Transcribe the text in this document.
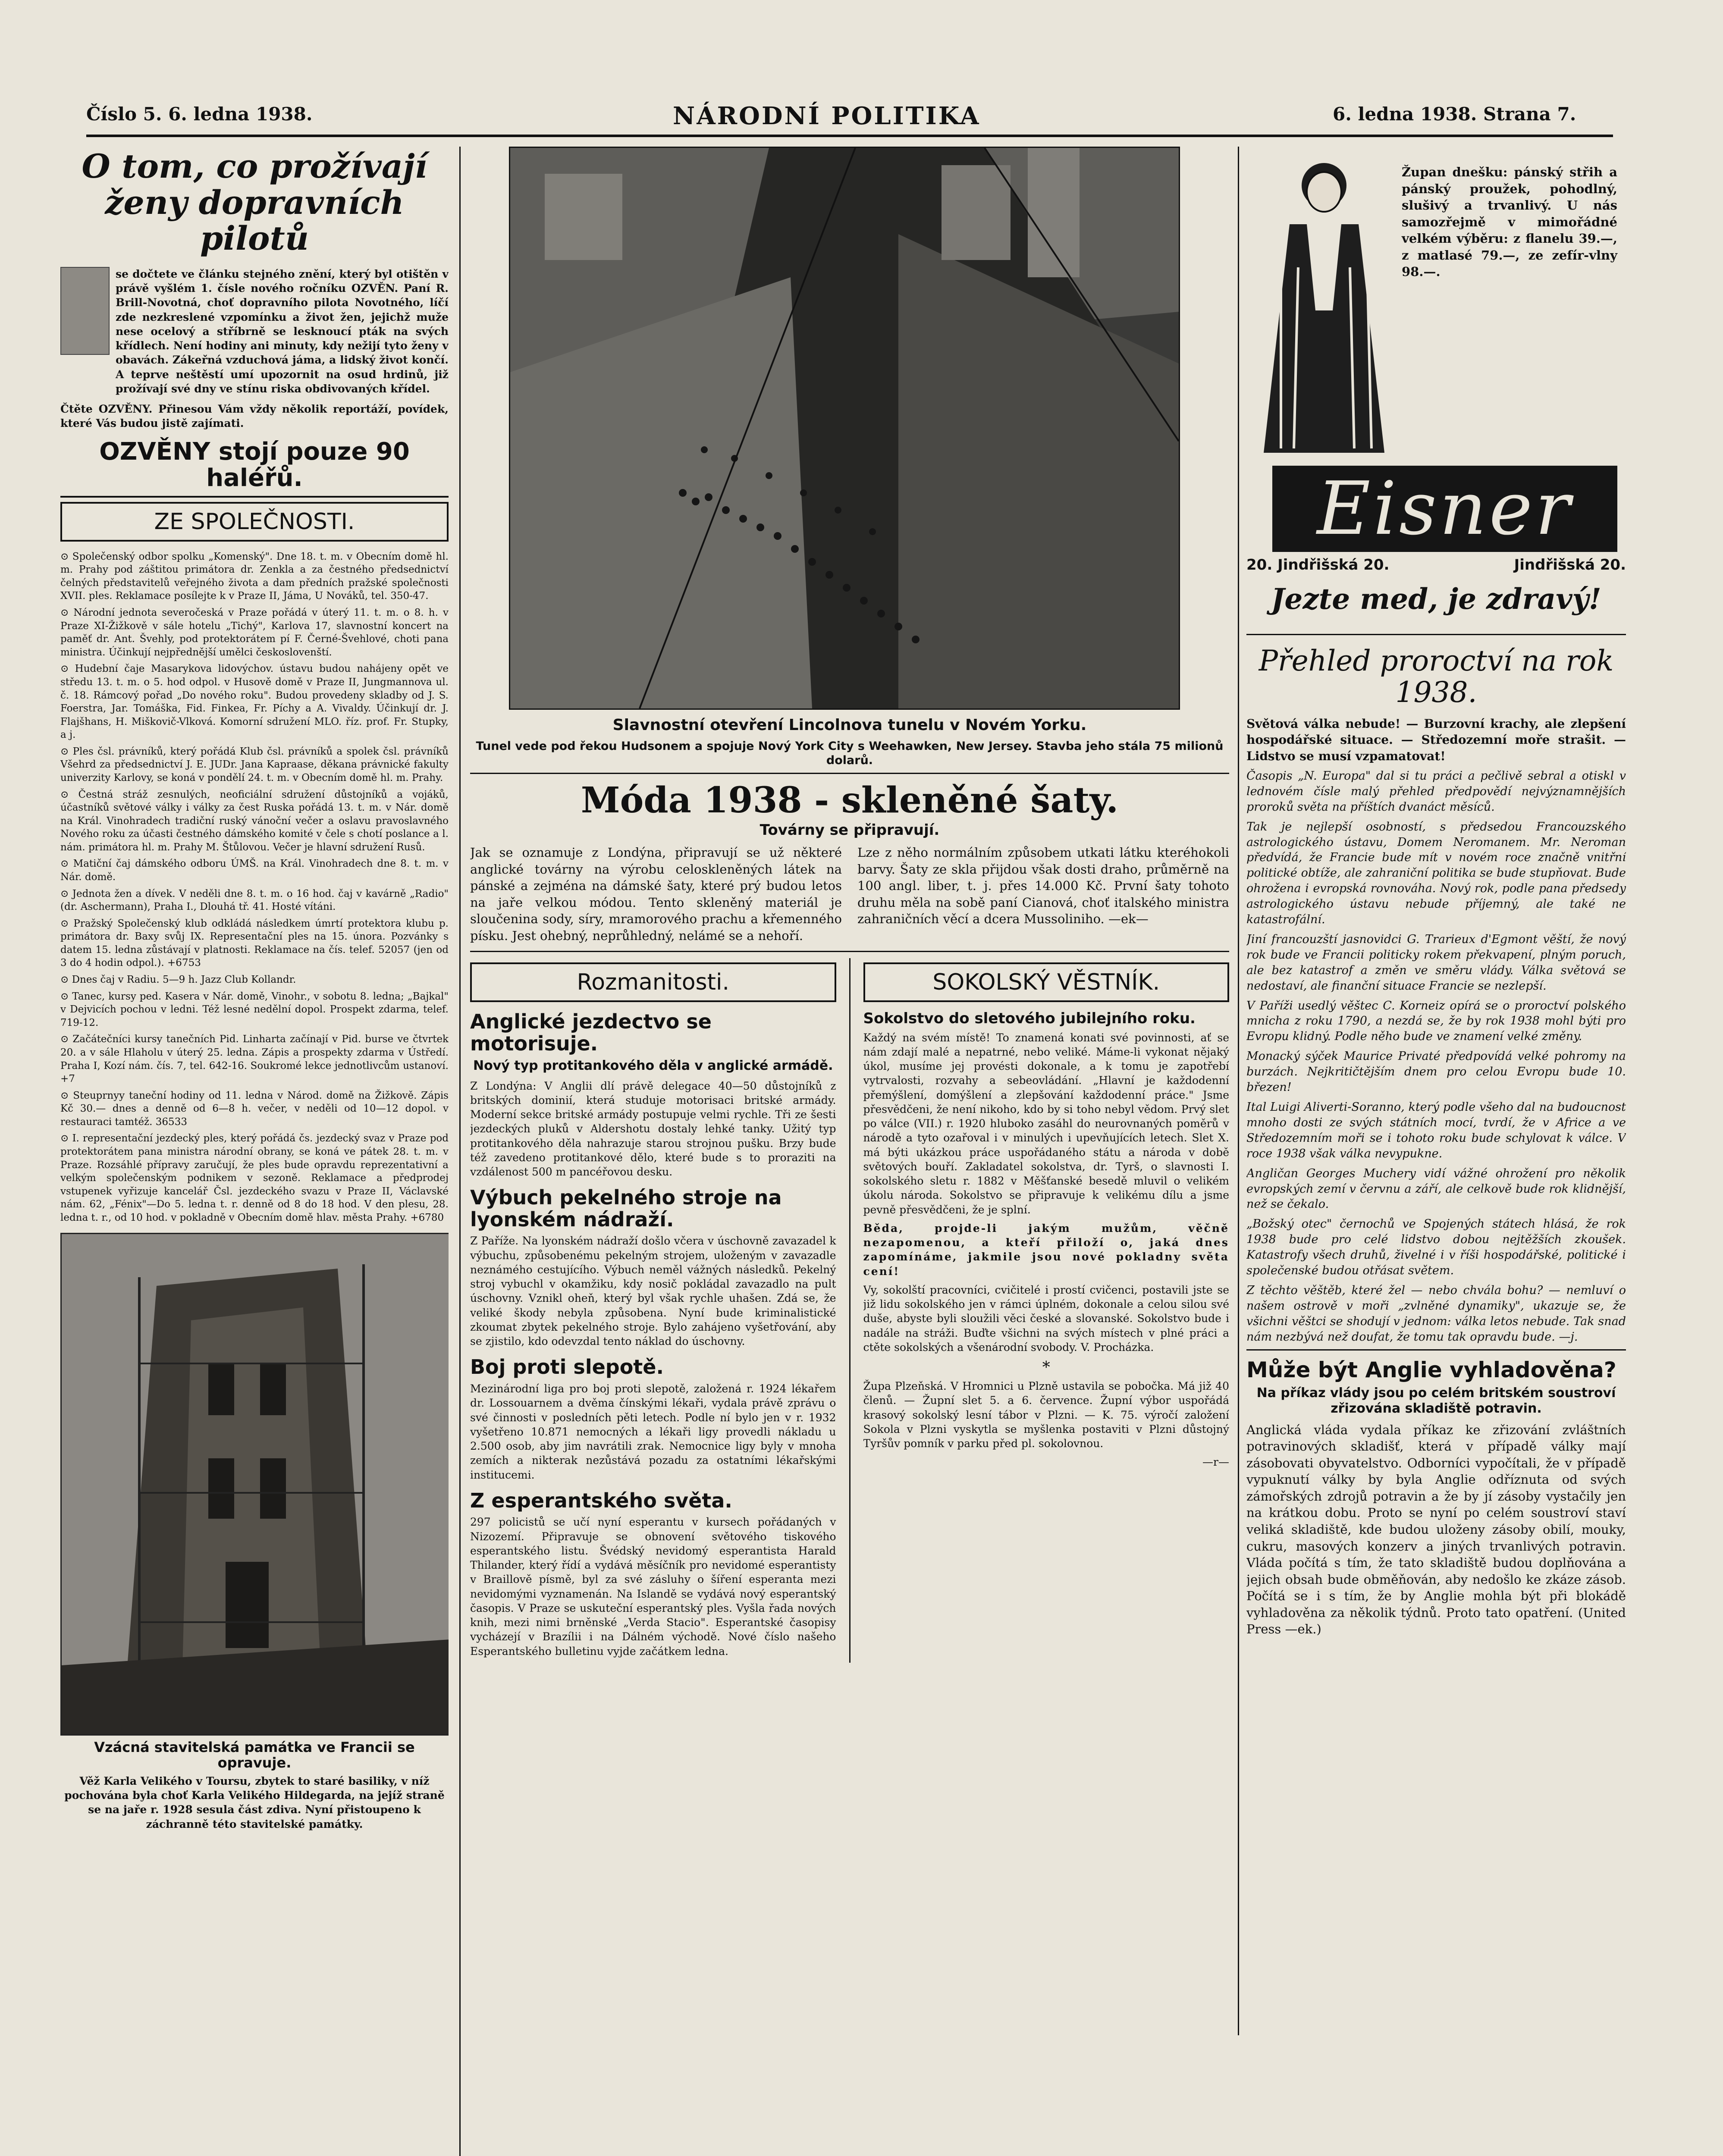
Číslo 5. 6. ledna 1938.	NÁRODNÍ POLITIKA	6. ledna 1938. Strana 7.
O tom, co prožívají ženy dopravních pilotů

se dočtete ve článku stejného znění, který byl otištěn v právě vyšlém 1. čísle nového ročníku OZVĚN. Paní R. Brill-Novotná, choť dopravního pilota Novotného, líčí zde nezkreslené vzpomínku a život žen, jejichž muže nese ocelový a stříbrně se lesknoucí pták na svých křídlech. Není hodiny ani minuty, kdy nežijí tyto ženy v obavách. Zákeřná vzduchová jáma, a lidský život končí. A teprve neštěstí umí upozornit na osud hrdinů, již prožívají své dny ve stínu riska obdivovaných křídel.

Čtěte OZVĚNY. Přinesou Vám vždy několik reportáží, povídek, které Vás budou jistě zajímati.

OZVĚNY stojí pouze 90 haléřů.
ZE SPOLEČNOSTI.

⊙ Společenský odbor spolku „Komenský". Dne 18. t. m. v Obecním domě hl. m. Prahy pod záštitou primátora dr. Zenkla a za čestného předsednictví čelných představitelů veřejného života a dam předních pražské společnosti XVII. ples. Reklamace posílejte k v Praze II, Jáma, U Nováků, tel. 350-47.

⊙ Národní jednota severočeská v Praze pořádá v úterý 11. t. m. o 8. h. v Praze XI-Žižkově v sále hotelu „Tichý", Karlova 17, slavnostní koncert na paměť dr. Ant. Švehly, pod protektorátem pí F. Černé-Švehlové, choti pana ministra. Účinkují nejpřednější umělci českoslovenští.

⊙ Hudební čaje Masarykova lidovýchov. ústavu budou nahájeny opět ve středu 13. t. m. o 5. hod odpol. v Husově domě v Praze II, Jungmannova ul. č. 18. Rámcový pořad „Do nového roku". Budou provedeny skladby od J. S. Foerstra, Jar. Tomáška, Fid. Finkea, Fr. Píchy a A. Vivaldy. Účinkují dr. J. Flajšhans, H. Miškovič-Vlková. Komorní sdružení MLO. říz. prof. Fr. Stupky, a j.

⊙ Ples čsl. právníků, který pořádá Klub čsl. právníků a spolek čsl. právníků Všehrd za předsednictví J. E. JUDr. Jana Kapraase, děkana právnické fakulty univerzity Karlovy, se koná v pondělí 24. t. m. v Obecním domě hl. m. Prahy.

⊙ Čestná stráž zesnulých, neoficiální sdružení důstojníků a vojáků, účastníků světové války i války za čest Ruska pořádá 13. t. m. v Nár. domě na Král. Vinohradech tradiční ruský vánoční večer a oslavu pravoslavného Nového roku za účasti čestného dámského komité v čele s chotí poslance a l. nám. primátora hl. m. Prahy M. Štůlovou. Večer je hlavní sdružení Rusů.

⊙ Matiční čaj dámského odboru ÚMŠ. na Král. Vinohradech dne 8. t. m. v Nár. domě.

⊙ Jednota žen a dívek. V neděli dne 8. t. m. o 16 hod. čaj v kavárně „Radio" (dr. Aschermann), Praha I., Dlouhá tř. 41. Hosté vítáni.

⊙ Pražský Společenský klub odkládá následkem úmrtí protektora klubu p. primátora dr. Baxy svůj IX. Representační ples na 15. února. Pozvánky s datem 15. ledna zůstávají v platnosti. Reklamace na čís. telef. 52057 (jen od 3 do 4 hodin odpol.). +6753

⊙ Dnes čaj v Radiu. 5—9 h. Jazz Club Kollandr.

⊙ Tanec, kursy ped. Kasera v Nár. domě, Vinohr., v sobotu 8. ledna; „Bajkal" v Dejvicích pochou v ledni. Též lesné nedělní dopol. Prospekt zdarma, telef. 719-12.

⊙ Začátečníci kursy tanečních Pid. Linharta začínají v Pid. burse ve čtvrtek 20. a v sále Hlaholu v úterý 25. ledna. Zápis a prospekty zdarma v Ústředí. Praha I, Kozí nám. čís. 7, tel. 642-16. Soukromé lekce jednotlivcům ustanoví. +7

⊙ Steuprnyy taneční hodiny od 11. ledna v Národ. domě na Žižkově. Zápis Kč 30.— dnes a denně od 6—8 h. večer, v neděli od 10—12 dopol. v restauraci tamtéž. 36533

⊙ I. representační jezdecký ples, který pořádá čs. jezdecký svaz v Praze pod protektorátem pana ministra národní obrany, se koná ve pátek 28. t. m. v Praze. Rozsáhlé přípravy zaručují, že ples bude opravdu reprezentativní a velkým společenským podnikem v sezoně. Reklamace a předprodej vstupenek vyřizuje kancelář Čsl. jezdeckého svazu v Praze II, Václavské nám. 62, „Fénix"—Do 5. ledna t. r. denně od 8 do 18 hod. V den plesu, 28. ledna t. r., od 10 hod. v pokladně v Obecním domě hlav. města Prahy. +6780

Vzácná stavitelská památka ve Francii se opravuje.

Věž Karla Velikého v Toursu, zbytek to staré basiliky, v níž pochována byla choť Karla Velikého Hildegarda, na jejíž straně se na jaře r. 1928 sesula část zdiva. Nyní přistoupeno k záchranně této stavitelské památky.

Slavnostní otevření Lincolnova tunelu v Novém Yorku.
Tunel vede pod řekou Hudsonem a spojuje Nový York City s Weehawken, New Jersey. Stavba jeho stála 75 milionů dolarů.
Móda 1938 - skleněné šaty.
Továrny se připravují.

Jak se oznamuje z Londýna, připravují se už některé anglické továrny na výrobu celoskleněných látek na pánské a zejména na dámské šaty, které prý budou letos na jaře velkou módou. Tento skleněný materiál je sloučenina sody, síry, mramorového prachu a křemenného písku. Jest ohebný, neprůhledný, nelámé se a nehoří.

Lze z něho normálním způsobem utkati látku kteréhokoli barvy. Šaty ze skla přijdou však dosti draho, průměrně na 100 angl. liber, t. j. přes 14.000 Kč. První šaty tohoto druhu měla na sobě paní Cianová, choť italského ministra zahraničních věcí a dcera Mussoliniho. —ek—

Rozmanitosti.
Anglické jezdectvo se motorisuje.
Nový typ protitankového děla v anglické armádě.

Z Londýna: V Anglii dlí právě delegace 40—50 důstojníků z britských dominií, která studuje motorisaci britské armády. Moderní sekce britské armády postupuje velmi rychle. Tři ze šesti jezdeckých pluků v Aldershotu dostaly lehké tanky. Užitý typ protitankového děla nahrazuje starou strojnou pušku. Brzy bude též zavedeno protitankové dělo, které bude s to proraziti na vzdálenost 500 m pancéřovou desku.

Výbuch pekelného stroje na lyonském nádraží.

Z Paříže. Na lyonském nádraží došlo včera v úschovně zavazadel k výbuchu, způsobenému pekelným strojem, uloženým v zavazadle neznámého cestujícího. Výbuch neměl vážných následků. Pekelný stroj vybuchl v okamžiku, kdy nosič pokládal zavazadlo na pult úschovny. Vznikl oheň, který byl však rychle uhašen. Zdá se, že veliké škody nebyla způsobena. Nyní bude kriminalistické zkoumat zbytek pekelného stroje. Bylo zahájeno vyšetřování, aby se zjistilo, kdo odevzdal tento náklad do úschovny.

Boj proti slepotě.

Mezinárodní liga pro boj proti slepotě, založená r. 1924 lékařem dr. Lossouarnem a dvěma čínskými lékaři, vydala právě zprávu o své činnosti v posledních pěti letech. Podle ní bylo jen v r. 1932 vyšetřeno 10.871 nemocných a lékaři ligy provedli nákladu u 2.500 osob, aby jim navrátili zrak. Nemocnice ligy byly v mnoha zemích a nikterak nezůstává pozadu za ostatními lékařskými institucemi.

Z esperantského světa.

297 policistů se učí nyní esperantu v kursech pořádaných v Nizozemí. Připravuje se obnovení světového tiskového esperantského listu. Švédský nevidomý esperantista Harald Thilander, který řídí a vydává měsíčník pro nevidomé esperantisty v Braillově písmě, byl za své zásluhy o šíření esperanta mezi nevidomými vyznamenán. Na Islandě se vydává nový esperantský časopis. V Praze se uskuteční esperantský ples. Vyšla řada nových knih, mezi nimi brněnské „Verda Stacio". Esperantské časopisy vycházejí v Brazílii i na Dálném východě. Nové číslo našeho Esperantského bulletinu vyjde začátkem ledna.

SOKOLSKÝ VĚSTNÍK.
Sokolstvo do sletového jubilejního roku.

Každý na svém místě! To znamená konati své povinnosti, ať se nám zdají malé a nepatrné, nebo veliké. Máme-li vykonat nějaký úkol, musíme jej provésti dokonale, a k tomu je zapotřebí vytrvalosti, rozvahy a sebeovládání. „Hlavní je každodenní přemýšlení, domýšlení a zlepšování každodenní práce." Jsme přesvědčeni, že není nikoho, kdo by si toho nebyl vědom. Prvý slet po válce (VII.) r. 1920 hluboko zasáhl do neurovnaných poměrů v národě a tyto ozařoval i v minulých i upevňujících letech. Slet X. má býti ukázkou práce uspořádaného státu a národa v době světových bouří. Zakladatel sokolstva, dr. Tyrš, o slavnosti I. sokolského sletu r. 1882 v Měšťanské besedě mluvil o velikém úkolu národa. Sokolstvo se připravuje k velikému dílu a jsme pevně přesvědčeni, že je splní.

Běda, projde-li jakým mužům, věčně nezapomenou, a kteří přiloží o, jaká dnes zapomínáme, jakmile jsou nové pokladny světa cení!

Vy, sokolští pracovníci, cvičitelé i prostí cvičenci, postavili jste se již lidu sokolského jen v rámci úplném, dokonale a celou silou své duše, abyste byli sloužili věci české a slovanské. Sokolstvo bude i nadále na stráži. Buďte všichni na svých místech v plné práci a ctěte sokolských a všenárodní svobody. V. Procházka.

*

Župa Plzeňská. V Hromnici u Plzně ustavila se pobočka. Má již 40 členů. — Župní slet 5. a 6. července. Župní výbor uspořádá krasový sokolský lesní tábor v Plzni. — K. 75. výročí založení Sokola v Plzni vyskytla se myšlenka postaviti v Plzni důstojný Tyršův pomník v parku před pl. sokolovnou.

—r—

Župan dnešku: pánský střih a pánský proužek, pohodlný, slušivý a trvanlivý. U nás samozřejmě v mimořádné velkém výběru: z flanelu 39.—, z matlasé 79.—, ze zefír-vlny 98.—.

Eisner
20. Jindřišská 20.	Jindřišská 20.
Jezte med, je zdravý!
Přehled proroctví na rok 1938.

Světová válka nebude! — Burzovní krachy, ale zlepšení hospodářské situace. — Středozemní moře strašit. — Lidstvo se musí vzpamatovat!

Časopis „N. Europa" dal si tu práci a pečlivě sebral a otiskl v lednovém čísle malý přehled předpovědí nejvýznamnějších proroků světa na příštích dvanáct měsíců.

Tak je nejlepší osobností, s předsedou Francouzského astrologického ústavu, Domem Neromanem. Mr. Neroman předvídá, že Francie bude mít v novém roce značně vnitřní politické obtíže, ale zahraniční politika se bude stupňovat. Bude ohrožena i evropská rovnováha. Nový rok, podle pana předsedy astrologického ústavu nebude příjemný, ale také ne katastrofální.

Jiní francouzští jasnovidci G. Trarieux d'Egmont věští, že nový rok bude ve Francii politicky rokem překvapení, plným poruch, ale bez katastrof a změn ve směru vlády. Válka světová se nedostaví, ale finanční situace Francie se nezlepší.

V Paříži usedlý věštec C. Korneiz opírá se o proroctví polského mnicha z roku 1790, a nezdá se, že by rok 1938 mohl býti pro Evropu klidný. Podle něho bude ve znamení velké změny.

Monacký sýček Maurice Privaté předpovídá velké pohromy na burzách. Nejkritičtějším dnem pro celou Evropu bude 10. březen!

Ital Luigi Aliverti-Soranno, který podle všeho dal na budoucnost mnoho dosti ze svých státních mocí, tvrdí, že v Africe a ve Středozemním moři se i tohoto roku bude schylovat k válce. V roce 1938 však válka nevypukne.

Angličan Georges Muchery vidí vážné ohrožení pro několik evropských zemí v červnu a září, ale celkově bude rok klidnější, než se čekalo.

„Božský otec" černochů ve Spojených státech hlásá, že rok 1938 bude pro celé lidstvo dobou nejtěžších zkoušek. Katastrofy všech druhů, živelné i v říši hospodářské, politické i společenské budou otřásat světem.

Z těchto věštěb, které žel — nebo chvála bohu? — nemluví o našem ostrově v moři „zvlněné dynamiky", ukazuje se, že všichni věštci se shodují v jednom: válka letos nebude. Tak snad nám nezbývá než doufat, že tomu tak opravdu bude. —j.

Může být Anglie vyhladověna?
Na příkaz vlády jsou po celém britském soustroví zřizována skladiště potravin.

Anglická vláda vydala příkaz ke zřizování zvláštních potravinových skladišť, která v případě války mají zásobovati obyvatelstvo. Odborníci vypočítali, že v případě vypuknutí války by byla Anglie odříznuta od svých zámořských zdrojů potravin a že by jí zásoby vystačily jen na krátkou dobu. Proto se nyní po celém soustroví staví veliká skladiště, kde budou uloženy zásoby obilí, mouky, cukru, masových konzerv a jiných trvanlivých potravin. Vláda počítá s tím, že tato skladiště budou doplňována a jejich obsah bude obměňován, aby nedošlo ke zkáze zásob. Počítá se i s tím, že by Anglie mohla být při blokádě vyhladověna za několik týdnů. Proto tato opatření. (United Press —ek.)
